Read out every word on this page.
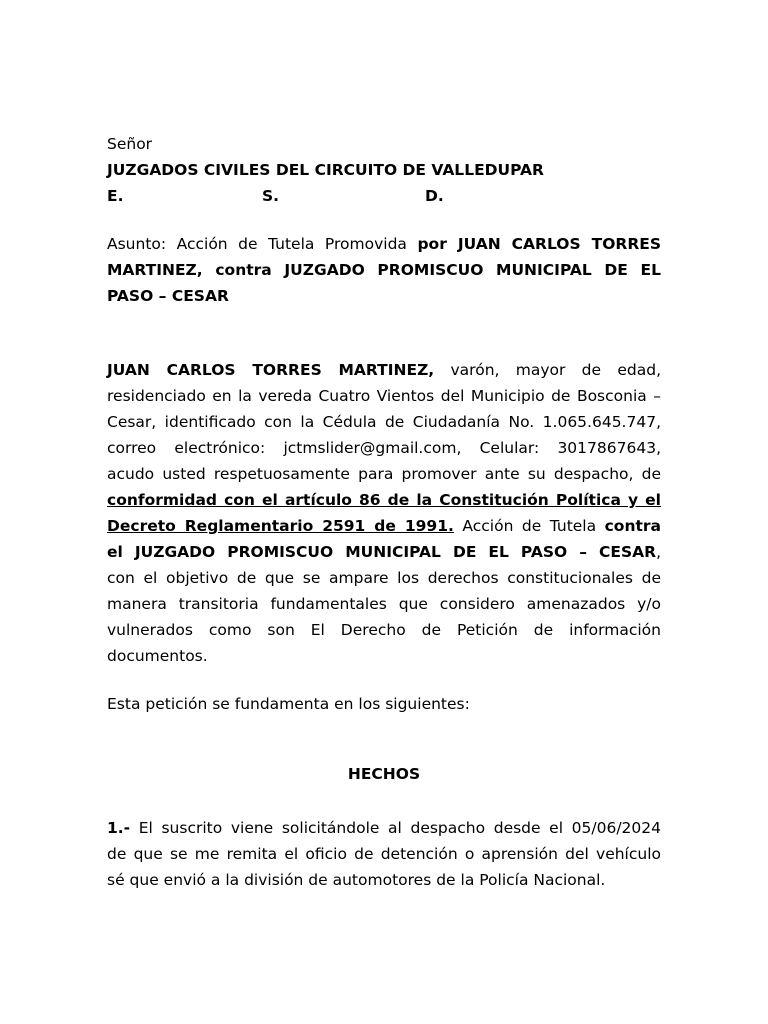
Señor
JUZGADOS CIVILES DEL CIRCUITO DE VALLEDUPAR
E.	S.	D.
Asunto: Acción de Tutela Promovida por JUAN CARLOS TORRES
MARTINEZ, contra JUZGADO PROMISCUO MUNICIPAL DE EL
PASO – CESAR
JUAN CARLOS TORRES MARTINEZ, varón, mayor de edad,
residenciado en la vereda Cuatro Vientos del Municipio de Bosconia –
Cesar, identificado con la Cédula de Ciudadanía No. 1.065.645.747,
correo electrónico: jctmslider@gmail.com, Celular: 3017867643,
acudo usted respetuosamente para promover ante su despacho, de
conformidad con el artículo 86 de la Constitución Política y el
Decreto Reglamentario 2591 de 1991. Acción de Tutela contra
el JUZGADO PROMISCUO MUNICIPAL DE EL PASO – CESAR,
con el objetivo de que se ampare los derechos constitucionales de
manera transitoria fundamentales que considero amenazados y/o
vulnerados como son El Derecho de Petición de información
documentos.
Esta petición se fundamenta en los siguientes:
HECHOS
1.- El suscrito viene solicitándole al despacho desde el 05/06/2024
de que se me remita el oficio de detención o aprensión del vehículo
sé que envió a la división de automotores de la Policía Nacional.
